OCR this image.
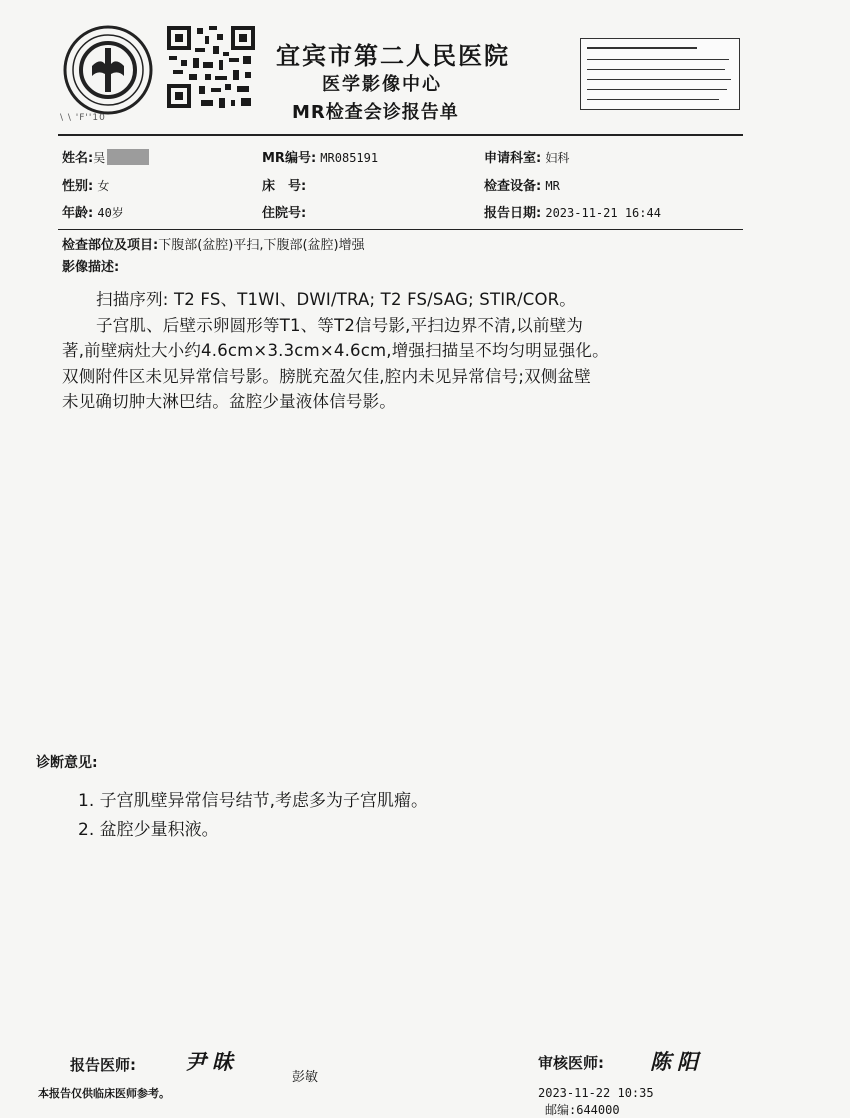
\ \ 'F''10
宜宾市第二人民医院
医学影像中心
MR检查会诊报告单
姓名:吴
性别: 女
年龄: 40岁
MR编号: MR085191
床　号:
住院号:
申请科室: 妇科
检查设备: MR
报告日期: 2023-11-21 16:44
检查部位及项目:下腹部(盆腔)平扫,下腹部(盆腔)增强
影像描述:

扫描序列: T2 FS、T1WI、DWI/TRA; T2 FS/SAG; STIR/COR。

子宫肌、后壁示卵圆形等T1、等T2信号影,平扫边界不清,以前壁为

著,前壁病灶大小约4.6cm×3.3cm×4.6cm,增强扫描呈不均匀明显强化。

双侧附件区未见异常信号影。膀胱充盈欠佳,腔内未见异常信号;双侧盆壁

未见确切肿大淋巴结。盆腔少量液体信号影。

诊断意见:
1. 子宫肌壁异常信号结节,考虑多为子宫肌瘤。
2. 盆腔少量积液。
报告医师: 尹昧
彭敏
审核医师: 陈阳
本报告仅供临床医师参考。	2023-11-22 10:35
邮编:644000
